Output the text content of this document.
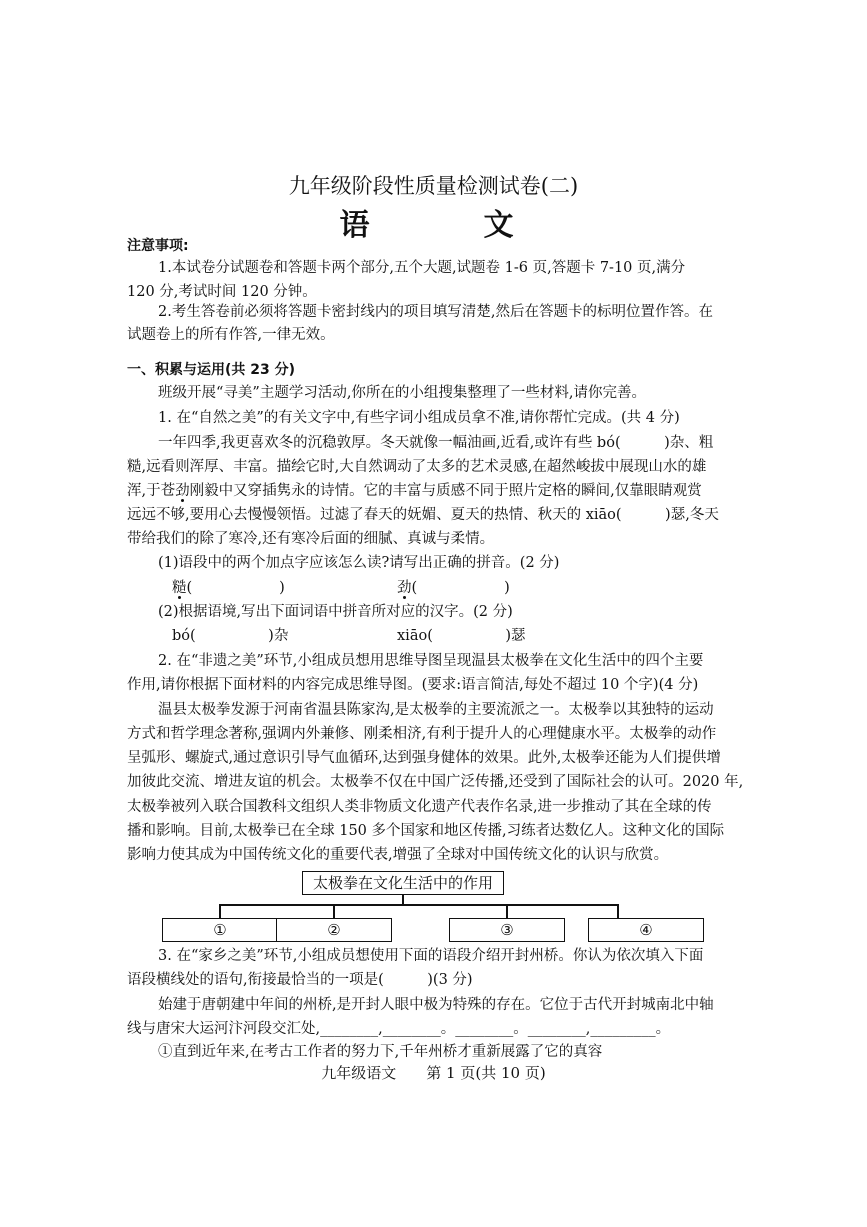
九年级阶段性质量检测试卷(二)
语　文
注意事项:
1.本试卷分试题卷和答题卡两个部分,五个大题,试题卷 1-6 页,答题卡 7-10 页,满分
120 分,考试时间 120 分钟。
2.考生答卷前必须将答题卡密封线内的项目填写清楚,然后在答题卡的标明位置作答。在
试题卷上的所有作答,一律无效。
一、积累与运用(共 23 分)
班级开展“寻美”主题学习活动,你所在的小组搜集整理了一些材料,请你完善。
1. 在“自然之美”的有关文字中,有些字词小组成员拿不准,请你帮忙完成。(共 4 分)
一年四季,我更喜欢冬的沉稳敦厚。冬天就像一幅油画,近看,或许有些 bó(　　　)杂、粗
糙,远看则浑厚、丰富。描绘它时,大自然调动了太多的艺术灵感,在超然峻拔中展现山水的雄
浑,于苍劲刚毅中又穿插隽永的诗情。它的丰富与质感不同于照片定格的瞬间,仅靠眼睛观赏
远远不够,要用心去慢慢领悟。过滤了春天的妩媚、夏天的热情、秋天的 xiāo(　　　)瑟,冬天
带给我们的除了寒冷,还有寒冷后面的细腻、真诚与柔情。
(1)语段中的两个加点字应该怎么读?请写出正确的拼音。(2 分)
糙(　　　　　　)	劲(　　　　　　)
(2)根据语境,写出下面词语中拼音所对应的汉字。(2 分)
bó(　　　　　)杂	xiāo(　　　　　)瑟
2. 在“非遗之美”环节,小组成员想用思维导图呈现温县太极拳在文化生活中的四个主要
作用,请你根据下面材料的内容完成思维导图。(要求:语言简洁,每处不超过 10 个字)(4 分)
温县太极拳发源于河南省温县陈家沟,是太极拳的主要流派之一。太极拳以其独特的运动
方式和哲学理念著称,强调内外兼修、刚柔相济,有利于提升人的心理健康水平。太极拳的动作
呈弧形、螺旋式,通过意识引导气血循环,达到强身健体的效果。此外,太极拳还能为人们提供增
加彼此交流、增进友谊的机会。太极拳不仅在中国广泛传播,还受到了国际社会的认可。2020 年,
太极拳被列入联合国教科文组织人类非物质文化遗产代表作名录,进一步推动了其在全球的传
播和影响。目前,太极拳已在全球 150 多个国家和地区传播,习练者达数亿人。这种文化的国际
影响力使其成为中国传统文化的重要代表,增强了全球对中国传统文化的认识与欣赏。
太极拳在文化生活中的作用
①	②	③	④
3. 在“家乡之美”环节,小组成员想使用下面的语段介绍开封州桥。你认为依次填入下面
语段横线处的语句,衔接最恰当的一项是(　　　)(3 分)
始建于唐朝建中年间的州桥,是开封人眼中极为特殊的存在。它位于古代开封城南北中轴
线与唐宋大运河汴河段交汇处,________,________。________。________,_________。
①直到近年来,在考古工作者的努力下,千年州桥才重新展露了它的真容
九年级语文　　第 1 页(共 10 页)
